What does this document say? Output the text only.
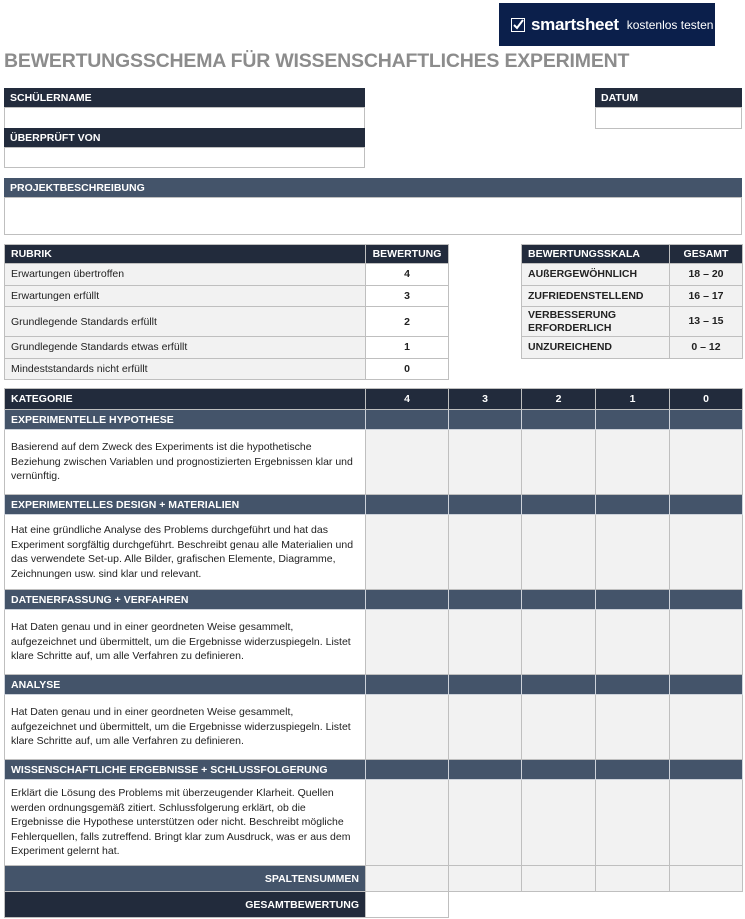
smartsheet kostenlos testen
BEWERTUNGSSCHEMA FÜR WISSENSCHAFTLICHES EXPERIMENT
SCHÜLERNAME	DATUM
ÜBERPRÜFT VON
PROJEKTBESCHREIBUNG
RUBRIK	BEWERTUNG
Erwartungen übertroffen	4
Erwartungen erfüllt	3
Grundlegende Standards erfüllt	2
Grundlegende Standards etwas erfüllt	1
Mindeststandards nicht erfüllt	0
BEWERTUNGSSKALA	GESAMT
AUßERGEWÖHNLICH	18 – 20
ZUFRIEDENSTELLEND	16 – 17
VERBESSERUNG ERFORDERLICH	13 – 15
UNZUREICHEND	0 – 12
KATEGORIE	4	3	2	1	0
EXPERIMENTELLE HYPOTHESE					
Basierend auf dem Zweck des Experiments ist die hypothetische Beziehung zwischen Variablen und prognostizierten Ergebnissen klar und vernünftig.					
EXPERIMENTELLES DESIGN + MATERIALIEN					
Hat eine gründliche Analyse des Problems durchgeführt und hat das Experiment sorgfältig durchgeführt. Beschreibt genau alle Materialien und das verwendete Set-up. Alle Bilder, grafischen Elemente, Diagramme, Zeichnungen usw. sind klar und relevant.					
DATENERFASSUNG + VERFAHREN					
Hat Daten genau und in einer geordneten Weise gesammelt, aufgezeichnet und übermittelt, um die Ergebnisse widerzuspiegeln. Listet klare Schritte auf, um alle Verfahren zu definieren.					
ANALYSE					
Hat Daten genau und in einer geordneten Weise gesammelt, aufgezeichnet und übermittelt, um die Ergebnisse widerzuspiegeln. Listet klare Schritte auf, um alle Verfahren zu definieren.					
WISSENSCHAFTLICHE ERGEBNISSE + SCHLUSSFOLGERUNG					
Erklärt die Lösung des Problems mit überzeugender Klarheit. Quellen werden ordnungsgemäß zitiert. Schlussfolgerung erklärt, ob die Ergebnisse die Hypothese unterstützen oder nicht. Beschreibt mögliche Fehlerquellen, falls zutreffend. Bringt klar zum Ausdruck, was er aus dem Experiment gelernt hat.					
SPALTENSUMMEN					
GESAMTBEWERTUNG					
